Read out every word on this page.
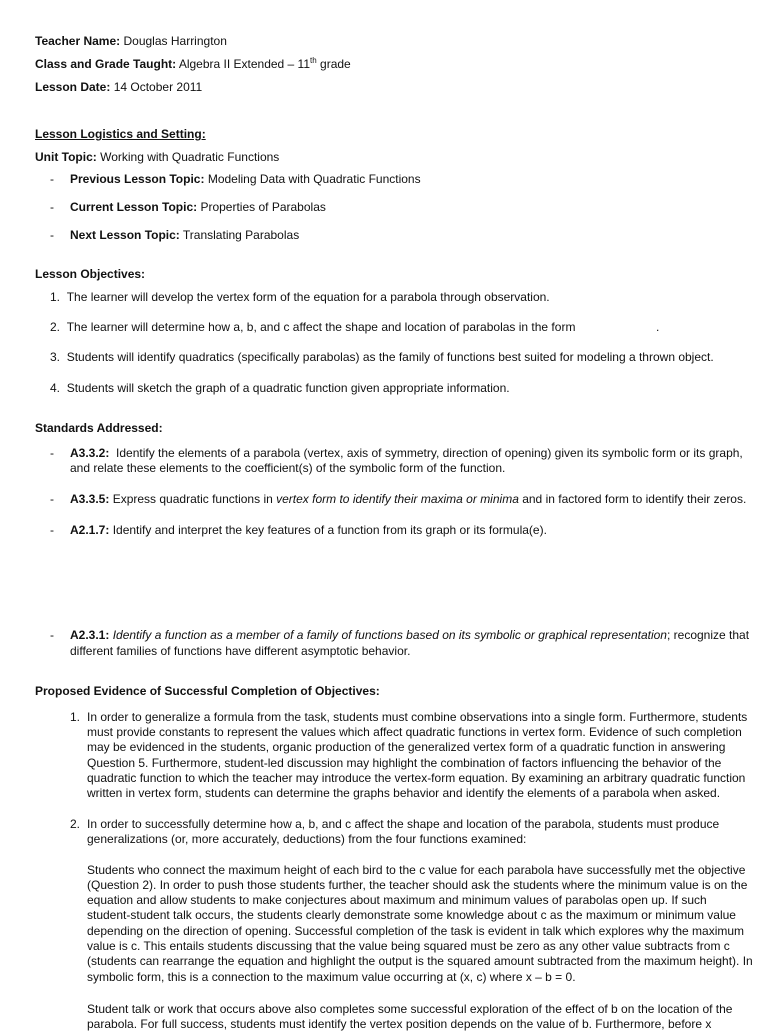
Teacher Name: Douglas Harrington
Class and Grade Taught: Algebra II Extended – 11th grade
Lesson Date: 14 October 2011
Lesson Logistics and Setting:
Unit Topic: Working with Quadratic Functions
- Previous Lesson Topic: Modeling Data with Quadratic Functions
- Current Lesson Topic: Properties of Parabolas
- Next Lesson Topic: Translating Parabolas
Lesson Objectives:
1. The learner will develop the vertex form of the equation for a parabola through observation.
2. The learner will determine how a, b, and c affect the shape and location of parabolas in the form	.
3. Students will identify quadratics (specifically parabolas) as the family of functions best suited for modeling a thrown object.
4. Students will sketch the graph of a quadratic function given appropriate information.
Standards Addressed:
- A3.3.2:  Identify the elements of a parabola (vertex, axis of symmetry, direction of opening) given its symbolic form or its graph,
and relate these elements to the coefficient(s) of the symbolic form of the function.
- A3.3.5: Express quadratic functions in vertex form to identify their maxima or minima and in factored form to identify their zeros.
- A2.1.7: Identify and interpret the key features of a function from its graph or its formula(e).
- A2.3.1: Identify a function as a member of a family of functions based on its symbolic or graphical representation; recognize that
different families of functions have different asymptotic behavior.
Proposed Evidence of Successful Completion of Objectives:
1. In order to generalize a formula from the task, students must combine observations into a single form. Furthermore, students
must provide constants to represent the values which affect quadratic functions in vertex form. Evidence of such completion
may be evidenced in the students, organic production of the generalized vertex form of a quadratic function in answering
Question 5. Furthermore, student-led discussion may highlight the combination of factors influencing the behavior of the
quadratic function to which the teacher may introduce the vertex-form equation. By examining an arbitrary quadratic function
written in vertex form, students can determine the graphs behavior and identify the elements of a parabola when asked.
2. In order to successfully determine how a, b, and c affect the shape and location of the parabola, students must produce
generalizations (or, more accurately, deductions) from the four functions examined:
Students who connect the maximum height of each bird to the c value for each parabola have successfully met the objective
(Question 2). In order to push those students further, the teacher should ask the students where the minimum value is on the
equation and allow students to make conjectures about maximum and minimum values of parabolas open up. If such
student-student talk occurs, the students clearly demonstrate some knowledge about c as the maximum or minimum value
depending on the direction of opening. Successful completion of the task is evident in talk which explores why the maximum
value is c. This entails students discussing that the value being squared must be zero as any other value subtracts from c
(students can rearrange the equation and highlight the output is the squared amount subtracted from the maximum height). In
symbolic form, this is a connection to the maximum value occurring at (x, c) where x – b = 0.
Student talk or work that occurs above also completes some successful exploration of the effect of b on the location of the
parabola. For full success, students must identify the vertex position depends on the value of b. Furthermore, before x
